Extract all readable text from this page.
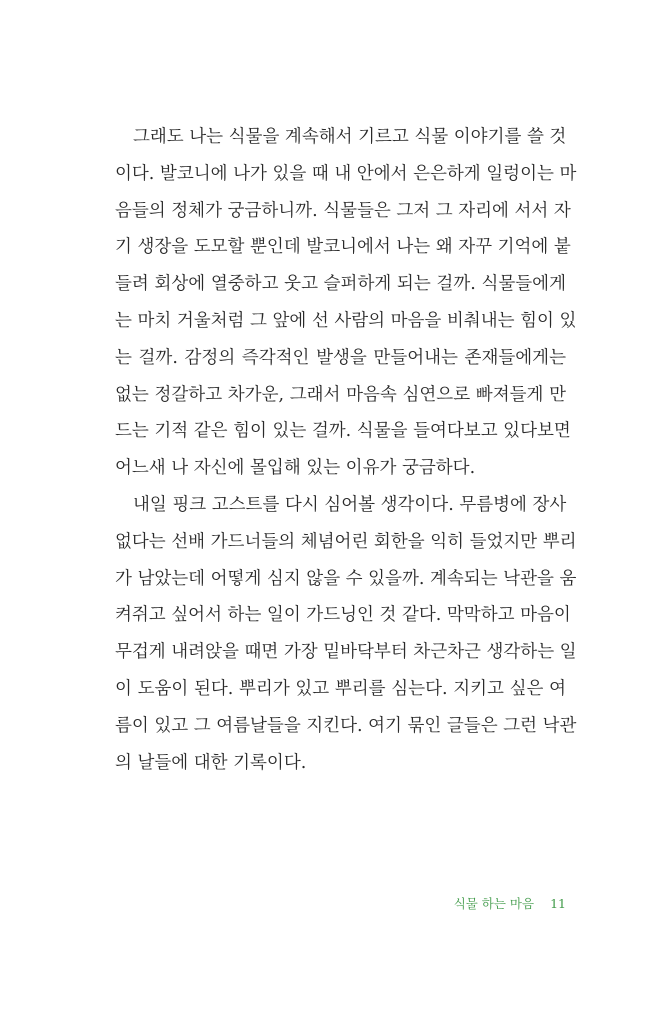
그래도 나는 식물을 계속해서 기르고 식물 이야기를 쓸 것
이다. 발코니에 나가 있을 때 내 안에서 은은하게 일렁이는 마
음들의 정체가 궁금하니까. 식물들은 그저 그 자리에 서서 자
기 생장을 도모할 뿐인데 발코니에서 나는 왜 자꾸 기억에 붙
들려 회상에 열중하고 웃고 슬퍼하게 되는 걸까. 식물들에게
는 마치 거울처럼 그 앞에 선 사람의 마음을 비춰내는 힘이 있
는 걸까. 감정의 즉각적인 발생을 만들어내는 존재들에게는
없는 정갈하고 차가운, 그래서 마음속 심연으로 빠져들게 만
드는 기적 같은 힘이 있는 걸까. 식물을 들여다보고 있다보면
어느새 나 자신에 몰입해 있는 이유가 궁금하다.
내일 핑크 고스트를 다시 심어볼 생각이다. 무름병에 장사
없다는 선배 가드너들의 체념어린 회한을 익히 들었지만 뿌리
가 남았는데 어떻게 심지 않을 수 있을까. 계속되는 낙관을 움
켜쥐고 싶어서 하는 일이 가드닝인 것 같다. 막막하고 마음이
무겁게 내려앉을 때면 가장 밑바닥부터 차근차근 생각하는 일
이 도움이 된다. 뿌리가 있고 뿌리를 심는다. 지키고 싶은 여
름이 있고 그 여름날들을 지킨다. 여기 묶인 글들은 그런 낙관
의 날들에 대한 기록이다.
식물 하는 마음 11
